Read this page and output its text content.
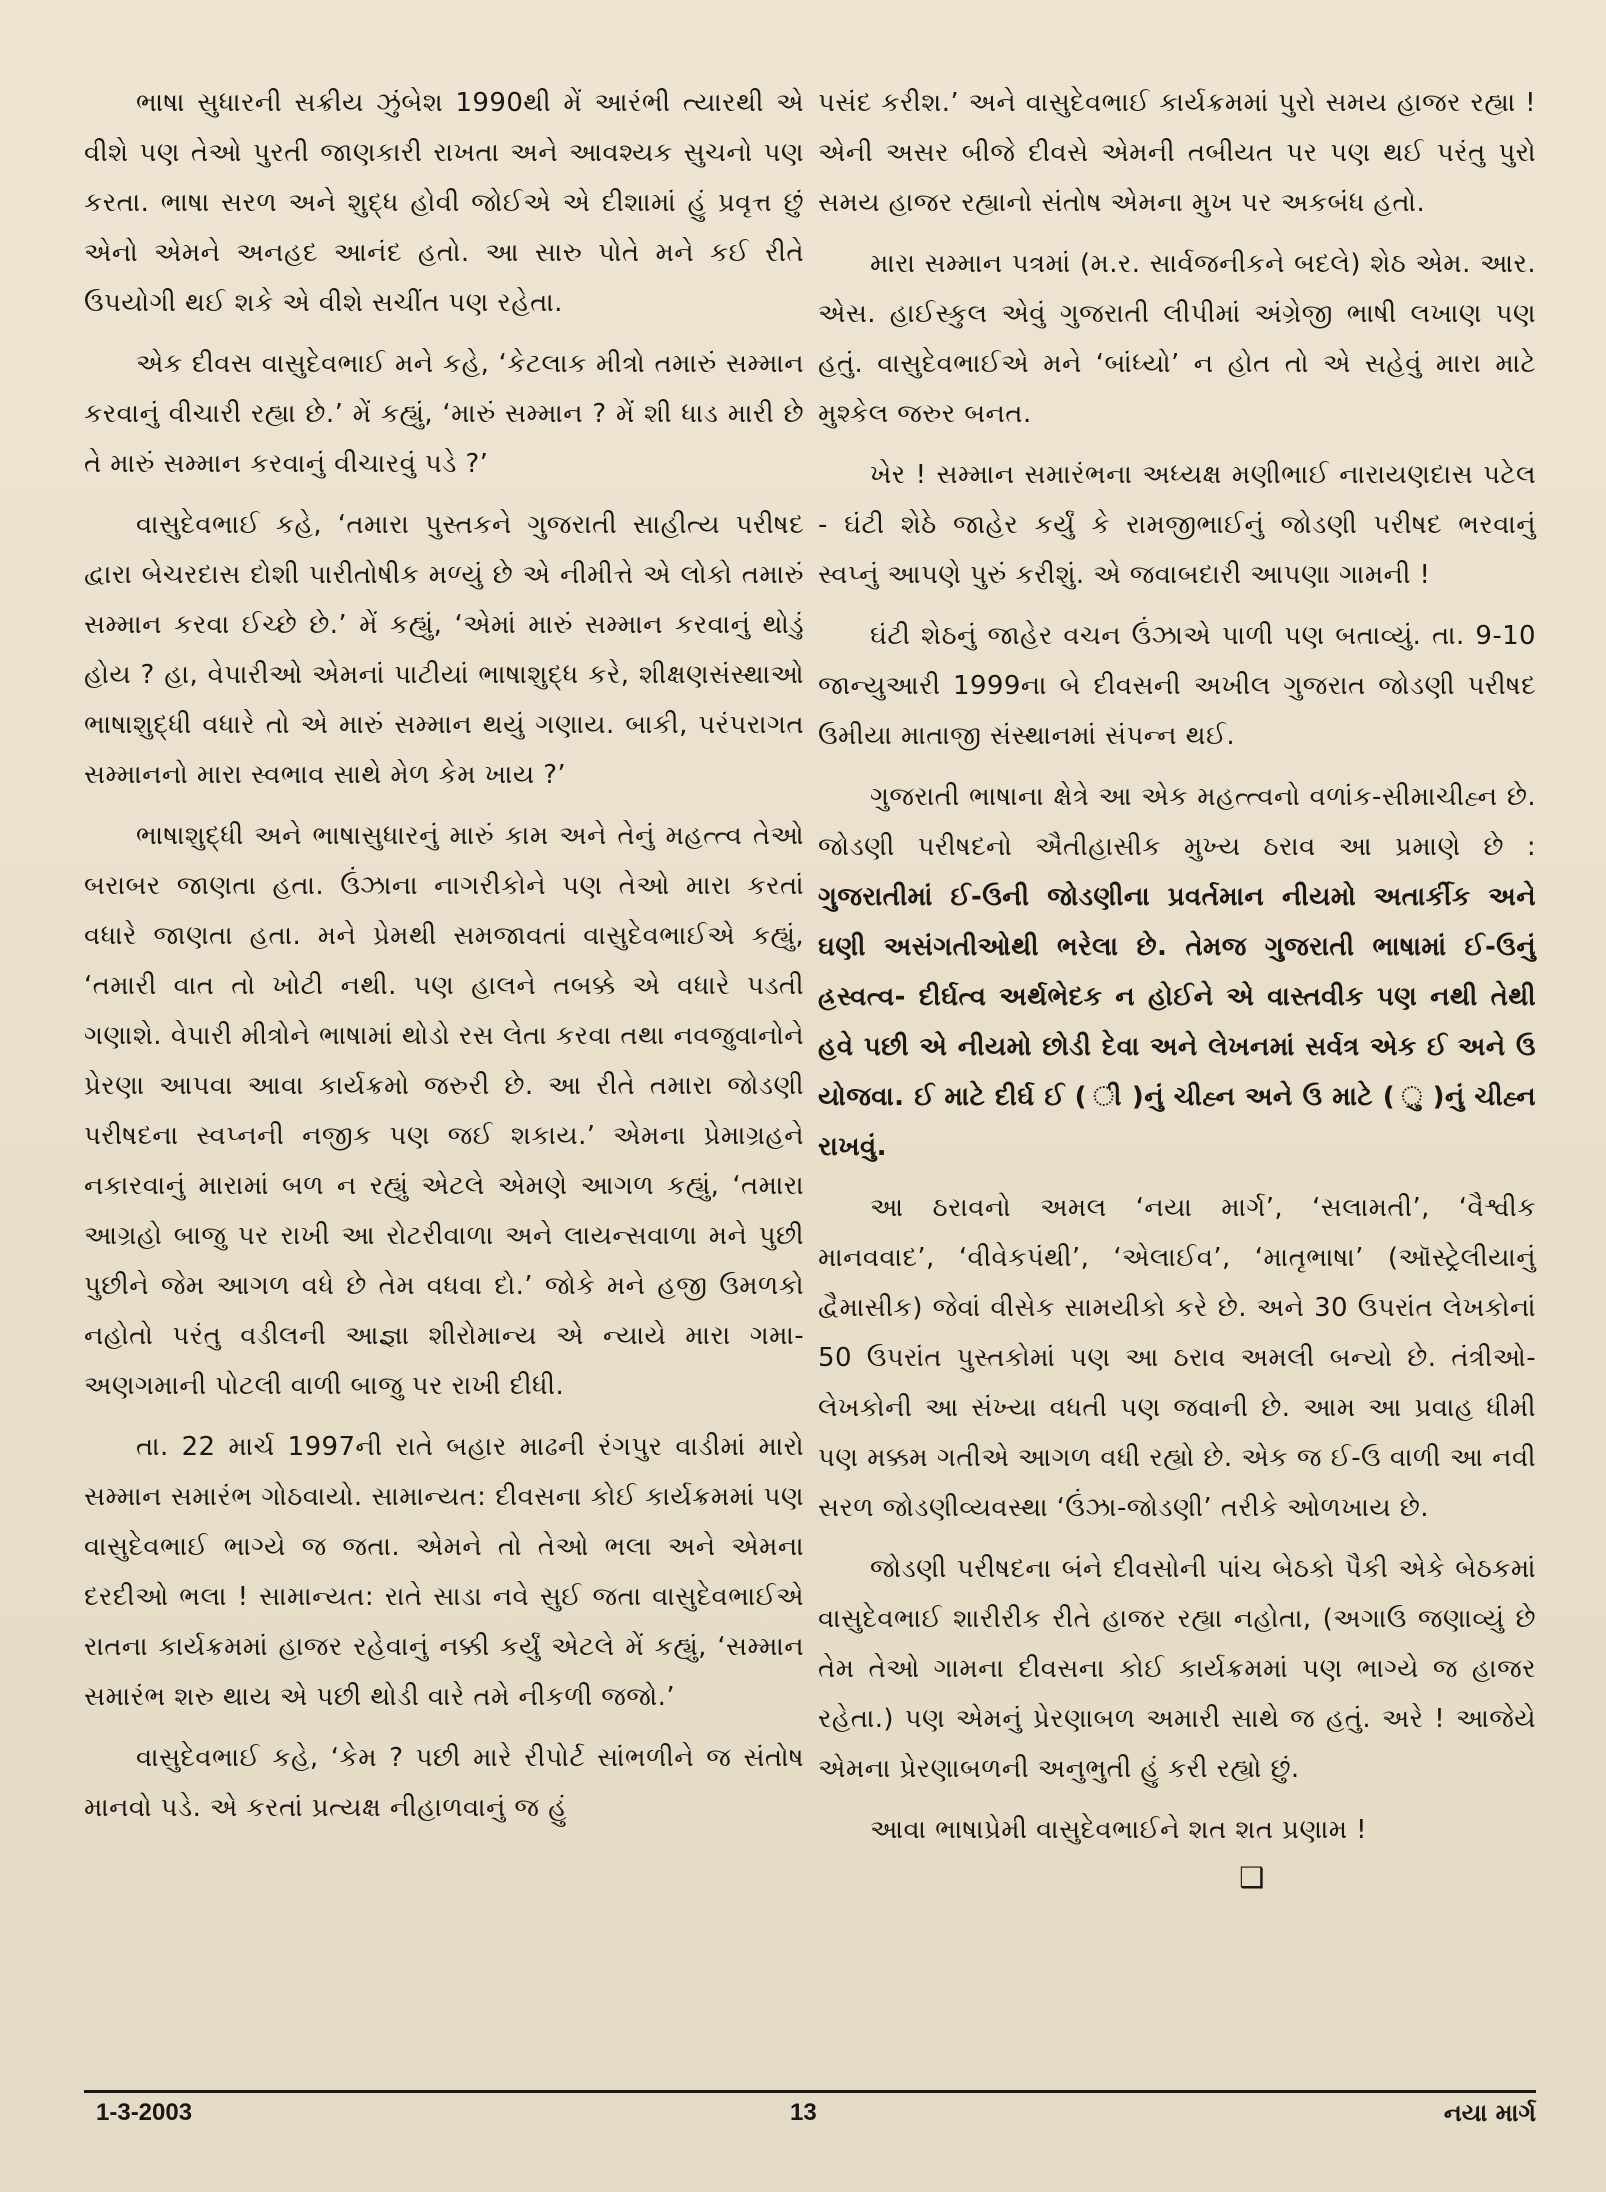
ભાષા સુધારની સક્રીય ઝુંબેશ 1990થી મેં આરંભી ત્યારથી એ વીશે પણ તેઓ પુરતી જાણકારી રાખતા અને આવશ્યક સુચનો પણ કરતા. ભાષા સરળ અને શુદ્ધ હોવી જોઈએ એ દીશામાં હું પ્રવૃત્ત છું એનો એમને અનહદ આનંદ હતો. આ સારુ પોતે મને કઈ રીતે ઉપયોગી થઈ શકે એ વીશે સચીંત પણ રહેતા.

એક દીવસ વાસુદેવભાઈ મને કહે, ‘કેટલાક મીત્રો તમારું સમ્માન કરવાનું વીચારી રહ્યા છે.’ મેં કહ્યું, ‘મારું સમ્માન ? મેં શી ધાડ મારી છે તે મારું સમ્માન કરવાનું વીચારવું પડે ?’

વાસુદેવભાઈ કહે, ‘તમારા પુસ્તકને ગુજરાતી સાહીત્ય પરીષદ દ્વારા બેચરદાસ દોશી પારીતોષીક મળ્યું છે એ નીમીત્તે એ લોકો તમારું સમ્માન કરવા ઈચ્છે છે.’ મેં કહ્યું, ‘એમાં મારું સમ્માન કરવાનું થોડું હોય ? હા, વેપારીઓ એમનાં પાટીયાં ભાષાશુદ્ધ કરે, શીક્ષણસંસ્થાઓ ભાષાશુદ્ધી વધારે તો એ મારું સમ્માન થયું ગણાય. બાકી, પરંપરાગત સમ્માનનો મારા સ્વભાવ સાથે મેળ કેમ ખાય ?’

ભાષાશુદ્ધી અને ભાષાસુધારનું મારું કામ અને તેનું મહત્ત્વ તેઓ બરાબર જાણતા હતા. ઉંઝાના નાગરીકોને પણ તેઓ મારા કરતાં વધારે જાણતા હતા. મને પ્રેમથી સમજાવતાં વાસુદેવભાઈએ કહ્યું, ‘તમારી વાત તો ખોટી નથી. પણ હાલને તબક્કે એ વધારે પડતી ગણાશે. વેપારી મીત્રોને ભાષામાં થોડો રસ લેતા કરવા તથા નવજુવાનોને પ્રેરણા આપવા આવા કાર્યક્રમો જરુરી છે. આ રીતે તમારા જોડણી પરીષદના સ્વપ્નની નજીક પણ જઈ શકાય.’ એમના પ્રેમાગ્રહને નકારવાનું મારામાં બળ ન રહ્યું એટલે એમણે આગળ કહ્યું, ‘તમારા આગ્રહો બાજુ પર રાખી આ રોટરીવાળા અને લાયન્સવાળા મને પુછી પુછીને જેમ આગળ વધે છે તેમ વધવા દો.’ જોકે મને હજી ઉમળકો નહોતો પરંતુ વડીલની આજ્ઞા શીરોમાન્ય એ ન્યાયે મારા ગમા-અણગમાની પોટલી વાળી બાજુ પર રાખી દીધી.

તા. 22 માર્ચ 1997ની રાતે બહાર માઢની રંગપુર વાડીમાં મારો સમ્માન સમારંભ ગોઠવાયો. સામાન્યત: દીવસના કોઈ કાર્યક્રમમાં પણ વાસુદેવભાઈ ભાગ્યે જ જતા. એમને તો તેઓ ભલા અને એમના દરદીઓ ભલા ! સામાન્યત: રાતે સાડા નવે સુઈ જતા વાસુદેવભાઈએ રાતના કાર્યક્રમમાં હાજર રહેવાનું નક્કી કર્યું એટલે મેં કહ્યું, ‘સમ્માન સમારંભ શરુ થાય એ પછી થોડી વારે તમે નીકળી જજો.’

વાસુદેવભાઈ કહે, ‘કેમ ? પછી મારે રીપોર્ટ સાંભળીને જ સંતોષ માનવો પડે. એ કરતાં પ્રત્યક્ષ નીહાળવાનું જ હું

પસંદ કરીશ.’ અને વાસુદેવભાઈ કાર્યક્રમમાં પુરો સમય હાજર રહ્યા ! એની અસર બીજે દીવસે એમની તબીયત પર પણ થઈ પરંતુ પુરો સમય હાજર રહ્યાનો સંતોષ એમના મુખ પર અકબંધ હતો.

મારા સમ્માન પત્રમાં (મ.ર. સાર્વજનીકને બદલે) શેઠ એમ. આર. એસ. હાઈસ્કુલ એવું ગુજરાતી લીપીમાં અંગ્રેજી ભાષી લખાણ પણ હતું. વાસુદેવભાઈએ મને ‘બાંધ્યો’ ન હોત તો એ સહેવું મારા માટે મુશ્કેલ જરુર બનત.

ખેર ! સમ્માન સમારંભના અધ્યક્ષ મણીભાઈ નારાયણદાસ પટેલ - ઘંટી શેઠે જાહેર કર્યું કે રામજીભાઈનું જોડણી પરીષદ ભરવાનું સ્વપ્નું આપણે પુરું કરીશું. એ જવાબદારી આપણા ગામની !

ઘંટી શેઠનું જાહેર વચન ઉંઝાએ પાળી પણ બતાવ્યું. તા. 9-10 જાન્યુઆરી 1999ના બે દીવસની અખીલ ગુજરાત જોડણી પરીષદ ઉમીયા માતાજી સંસ્થાનમાં સંપન્ન થઈ.

ગુજરાતી ભાષાના ક્ષેત્રે આ એક મહત્ત્વનો વળાંક-સીમાચીહ્ન છે. જોડણી પરીષદનો ઐતીહાસીક મુખ્ય ઠરાવ આ પ્રમાણે છે : ગુજરાતીમાં ઈ-ઉની જોડણીના પ્રવર્તમાન નીયમો અતાર્કીક અને ઘણી અસંગતીઓથી ભરેલા છે. તેમજ ગુજરાતી ભાષામાં ઈ-ઉનું હ્રસ્વત્વ- દીર્ઘત્વ અર્થભેદક ન હોઈને એ વાસ્તવીક પણ નથી તેથી હવે પછી એ નીયમો છોડી દેવા અને લેખનમાં સર્વત્ર એક ઈ અને ઉ યોજવા. ઈ માટે દીર્ઘ ઈ ( ી )નું ચીહ્ન અને ઉ માટે ( ુ )નું ચીહ્ન રાખવું.

આ ઠરાવનો અમલ ‘નયા માર્ગ’, ‘સલામતી’, ‘વૈશ્વીક માનવવાદ’, ‘વીવેકપંથી’, ‘એલાઈવ’, ‘માતૃભાષા’ (ઑસ્ટ્રેલીયાનું દ્વૈમાસીક) જેવાં વીસેક સામયીકો કરે છે. અને 30 ઉપરાંત લેખકોનાં 50 ઉપરાંત પુસ્તકોમાં પણ આ ઠરાવ અમલી બન્યો છે. તંત્રીઓ-લેખકોની આ સંખ્યા વધતી પણ જવાની છે. આમ આ પ્રવાહ ધીમી પણ મક્કમ ગતીએ આગળ વધી રહ્યો છે. એક જ ઈ-ઉ વાળી આ નવી સરળ જોડણીવ્યવસ્થા ‘ઉંઝા-જોડણી’ તરીકે ઓળખાય છે.

જોડણી પરીષદના બંને દીવસોની પાંચ બેઠકો પૈકી એકે બેઠકમાં વાસુદેવભાઈ શારીરીક રીતે હાજર રહ્યા નહોતા, (અગાઉ જણાવ્યું છે તેમ તેઓ ગામના દીવસના કોઈ કાર્યક્રમમાં પણ ભાગ્યે જ હાજર રહેતા.) પણ એમનું પ્રેરણાબળ અમારી સાથે જ હતું. અરે ! આજેયે એમના પ્રેરણાબળની અનુભુતી હું કરી રહ્યો છું.

આવા ભાષાપ્રેમી વાસુદેવભાઈને શત શત પ્રણામ !

❑
1-3-2003	13	નયા માર્ગ
